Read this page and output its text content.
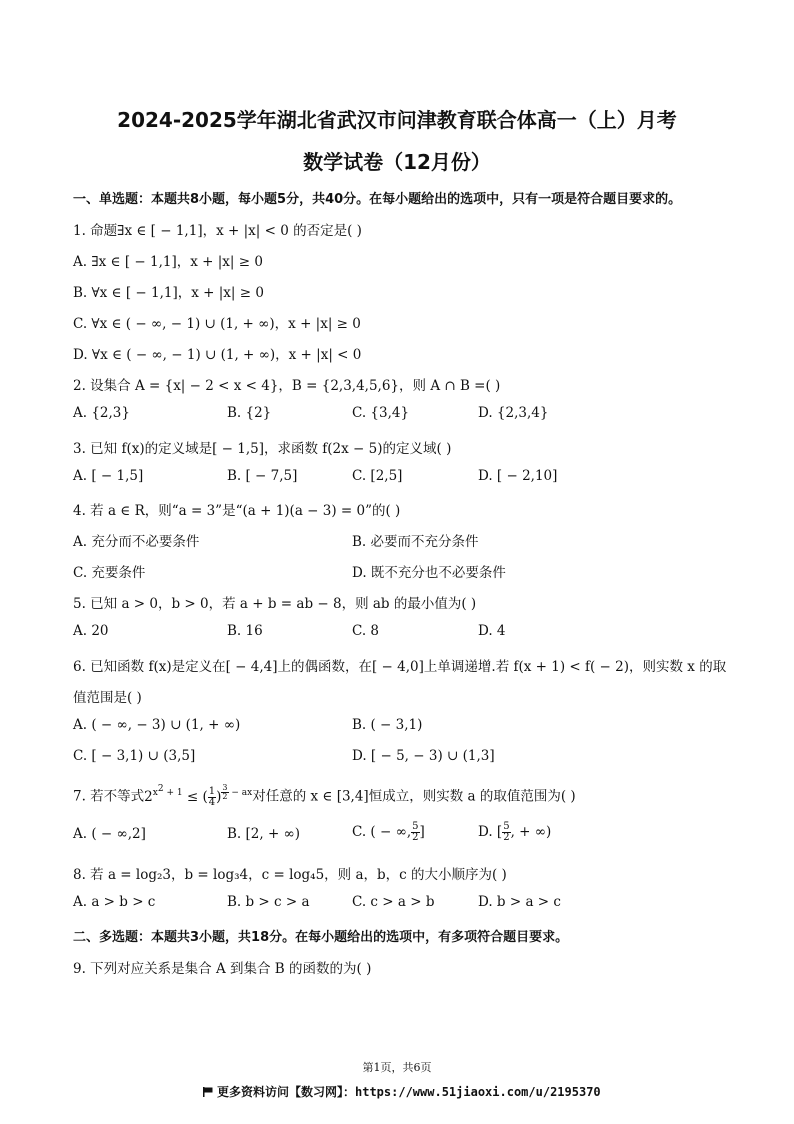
2024-2025学年湖北省武汉市问津教育联合体高一（上）月考
数学试卷（12月份）
一、单选题：本题共8小题，每小题5分，共40分。在每小题给出的选项中，只有一项是符合题目要求的。
1. 命题∃x ∈ [ − 1,1]，x + |x| < 0 的否定是( )
A. ∃x ∈ [ − 1,1]，x + |x| ≥ 0
B. ∀x ∈ [ − 1,1]，x + |x| ≥ 0
C. ∀x ∈ ( − ∞, − 1) ∪ (1, + ∞)，x + |x| ≥ 0
D. ∀x ∈ ( − ∞, − 1) ∪ (1, + ∞)，x + |x| < 0
2. 设集合 A = {x| − 2 < x < 4}，B = {2,3,4,5,6}，则 A ∩ B =( )
A. {2,3}	B. {2}	C. {3,4}	D. {2,3,4}
3. 已知 f(x)的定义域是[ − 1,5]，求函数 f(2x − 5)的定义域( )
A. [ − 1,5]	B. [ − 7,5]	C. [2,5]	D. [ − 2,10]
4. 若 a ∈ R，则“a = 3”是“(a + 1)(a − 3) = 0”的( )
A. 充分而不必要条件	B. 必要而不充分条件
C. 充要条件	D. 既不充分也不必要条件
5. 已知 a > 0，b > 0，若 a + b = ab − 8，则 ab 的最小值为( )
A. 20	B. 16	C. 8	D. 4
6. 已知函数 f(x)是定义在[ − 4,4]上的偶函数，在[ − 4,0]上单调递增.若 f(x + 1) < f( − 2)，则实数 x 的取
值范围是( )
A. ( − ∞, − 3) ∪ (1, + ∞)	B. ( − 3,1)
C. [ − 3,1) ∪ (3,5]	D. [ − 5, − 3) ∪ (1,3]
7. 若不等式$2^{x^2 + 1}$ ≤ ( $\frac{1}{4}$ ) $^{\frac{3}{2} - ax}$对任意的 x ∈ [3,4]恒成立，则实数 a 的取值范围为( )
A. ( − ∞,2]	B. [2, + ∞)	C. ( − ∞, $\frac{5}{2}$ ]	D. [ $\frac{5}{2}$ , + ∞)
8. 若 a = log₂3，b = log₃4，c = log₄5，则 a，b，c 的大小顺序为( )
A. a > b > c	B. b > c > a	C. c > a > b	D. b > a > c
二、多选题：本题共3小题，共18分。在每小题给出的选项中，有多项符合题目要求。
9. 下列对应关系是集合 A 到集合 B 的函数的为( )
第1页，共6页
更多资料访问【数习网】：https://www.51jiaoxi.com/u/2195370
